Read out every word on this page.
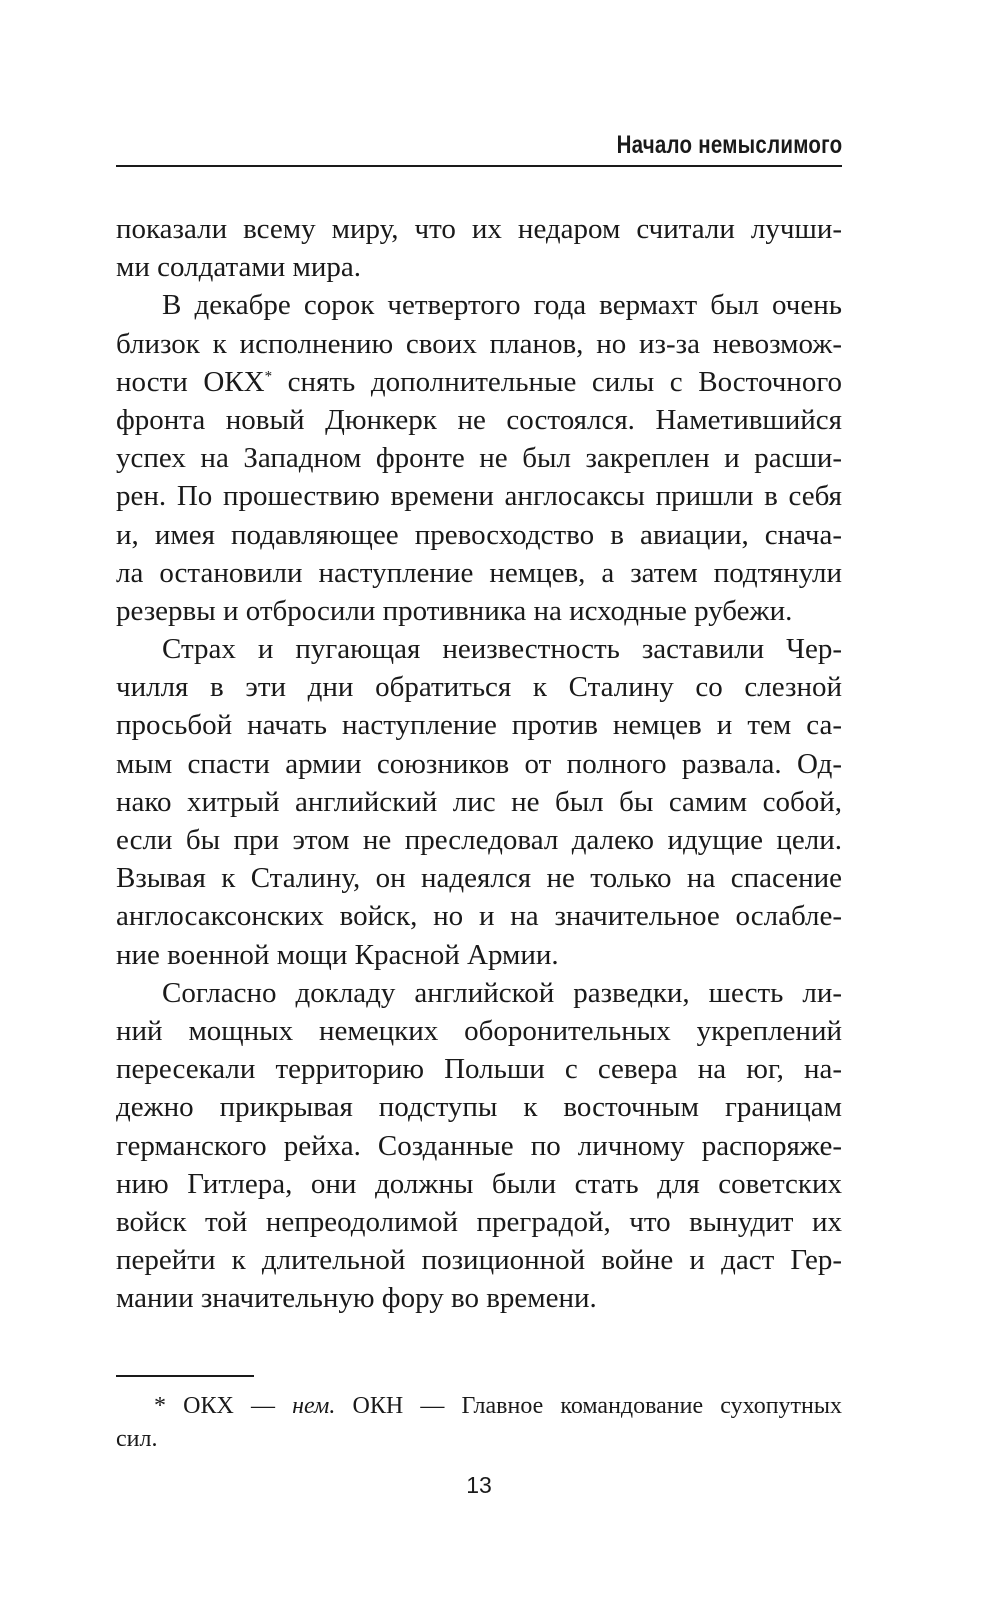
Начало немыслимого
показали всему миру, что их недаром считали лучши-
ми солдатами мира.
В декабре сорок четвертого года вермахт был очень
близок к исполнению своих планов, но из-за невозмож-
ности ОКХ* снять дополнительные силы с Восточного
фронта новый Дюнкерк не состоялся. Наметившийся
успех на Западном фронте не был закреплен и расши-
рен. По прошествию времени англосаксы пришли в себя
и, имея подавляющее превосходство в авиации, снача-
ла остановили наступление немцев, а затем подтянули
резервы и отбросили противника на исходные рубежи.
Страх и пугающая неизвестность заставили Чер-
чилля в эти дни обратиться к Сталину со слезной
просьбой начать наступление против немцев и тем са-
мым спасти армии союзников от полного развала. Од-
нако хитрый английский лис не был бы самим собой,
если бы при этом не преследовал далеко идущие цели.
Взывая к Сталину, он надеялся не только на спасение
англосаксонских войск, но и на значительное ослабле-
ние военной мощи Красной Армии.
Согласно докладу английской разведки, шесть ли-
ний мощных немецких оборонительных укреплений
пересекали территорию Польши с севера на юг, на-
дежно прикрывая подступы к восточным границам
германского рейха. Созданные по личному распоряже-
нию Гитлера, они должны были стать для советских
войск той непреодолимой преградой, что вынудит их
перейти к длительной позиционной войне и даст Гер-
мании значительную фору во времени.
* ОКХ — нем. ОКН — Главное командование сухопутных
сил.
13
